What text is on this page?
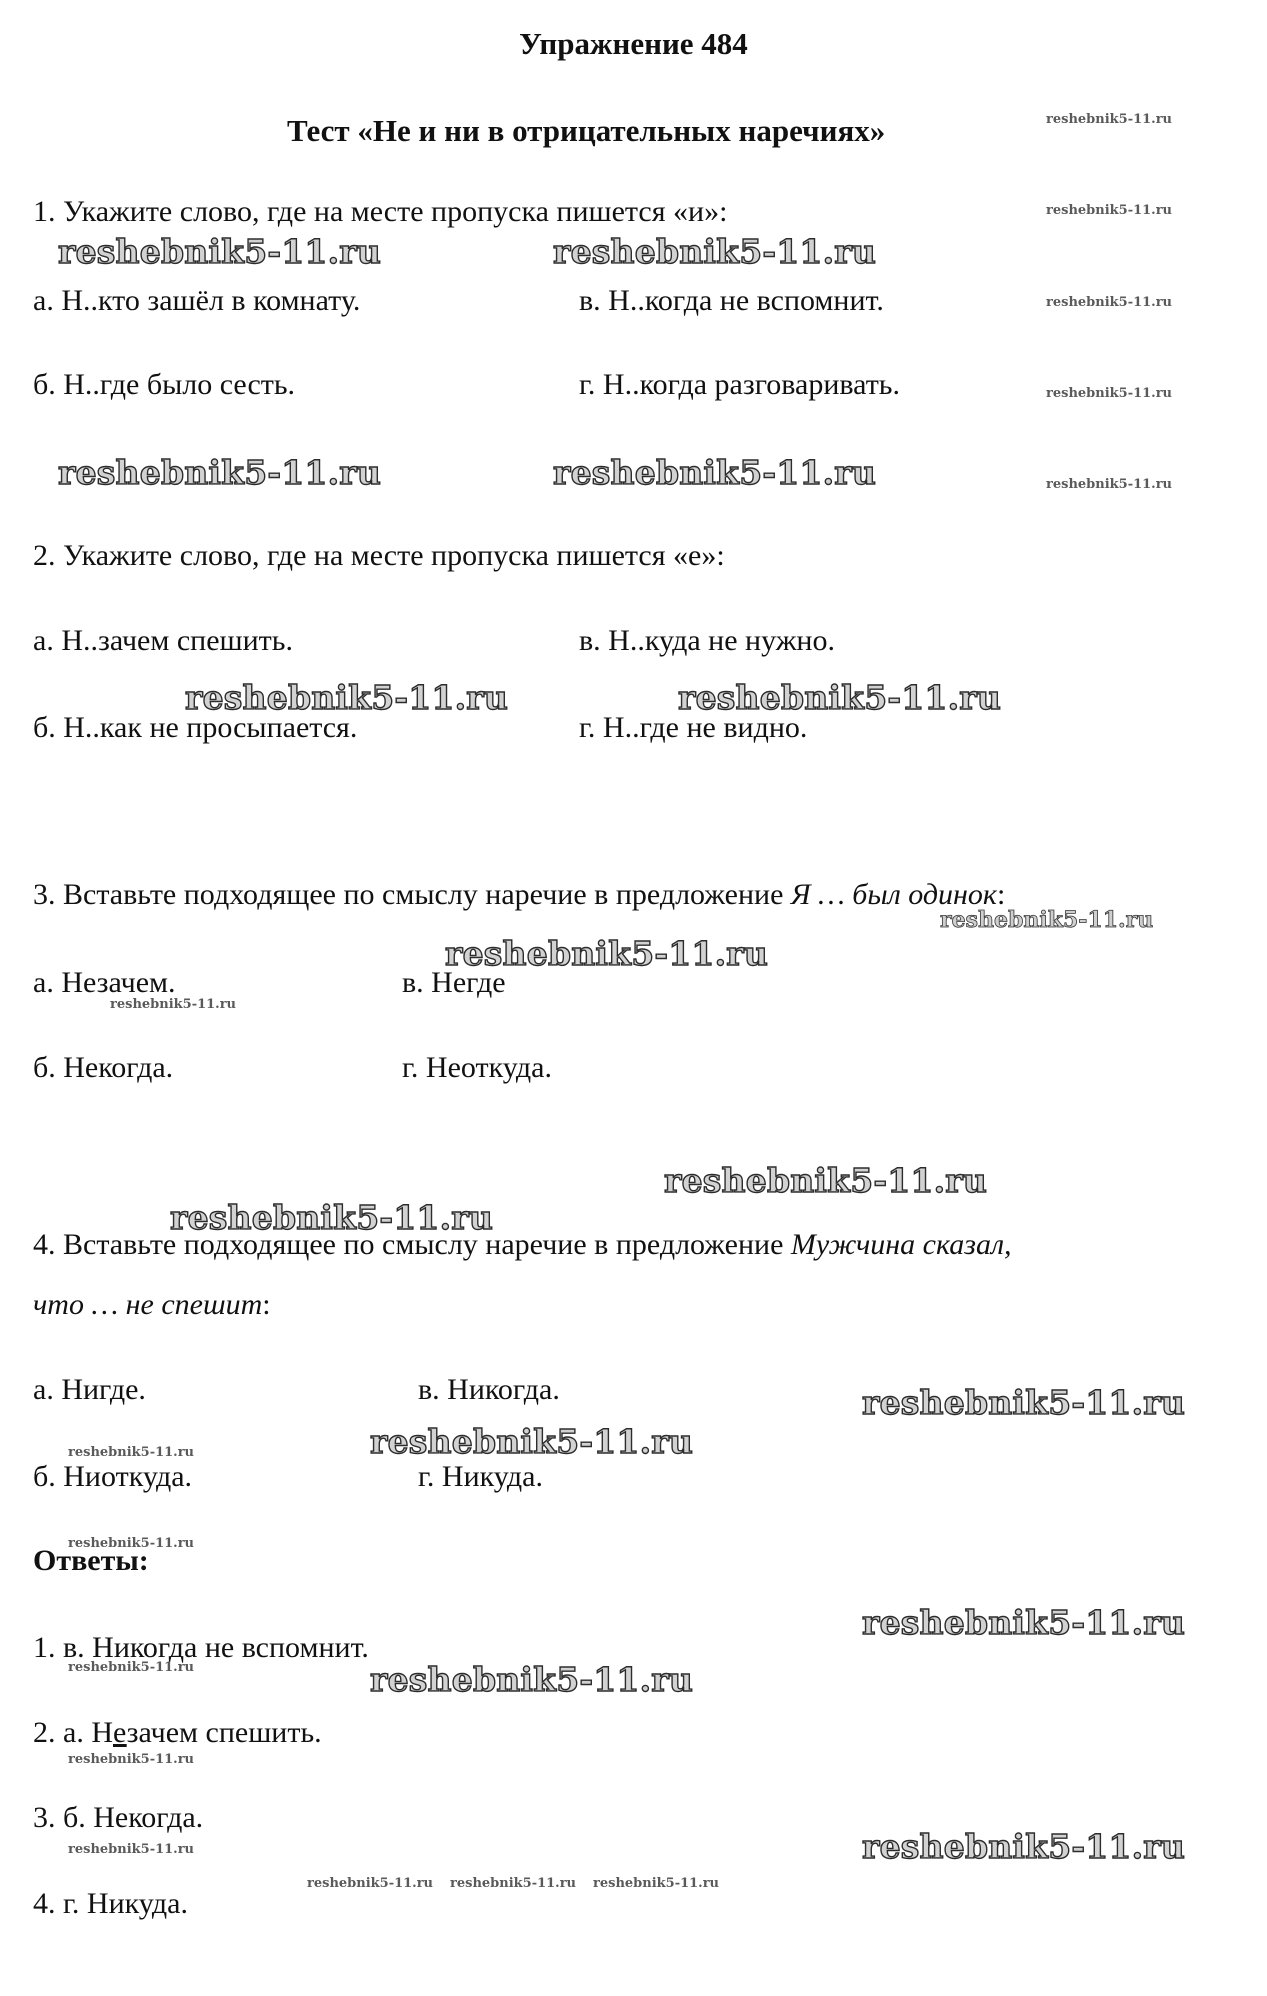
Упражнение 484
Тест «Не и ни в отрицательных наречиях»
1. Укажите слово, где на месте пропуска пишется «и»:
а. Н..кто зашёл в комнату.	в. Н..когда не вспомнит.
б. Н..где было сесть.	г. Н..когда разговаривать.
2. Укажите слово, где на месте пропуска пишется «е»:
а. Н..зачем спешить.	в. Н..куда не нужно.
б. Н..как не просыпается.	г. Н..где не видно.
3. Вставьте подходящее по смыслу наречие в предложение Я … был одинок:
а. Незачем.	в. Негде
б. Некогда.	г. Неоткуда.
4. Вставьте подходящее по смыслу наречие в предложение Мужчина сказал,
что … не спешит:
а. Нигде.	в. Никогда.
б. Ниоткуда.	г. Никуда.
Ответы:
1. в. Никогда не вспомнит.
2. а. Незачем спешить.
3. б. Некогда.
4. г. Никуда.
reshebnik5-11.ru	reshebnik5-11.ru
reshebnik5-11.ru	reshebnik5-11.ru
reshebnik5-11.ru	reshebnik5-11.ru
reshebnik5-11.ru
reshebnik5-11.ru
reshebnik5-11.ru
reshebnik5-11.ru
reshebnik5-11.ru
reshebnik5-11.ru
reshebnik5-11.ru
reshebnik5-11.ru
reshebnik5-11.ru
reshebnik5-11.ru
reshebnik5-11.ru
reshebnik5-11.ru
reshebnik5-11.ru
reshebnik5-11.ru
reshebnik5-11.ru
reshebnik5-11.ru
reshebnik5-11.ru
reshebnik5-11.ru
reshebnik5-11.ru
reshebnik5-11.ru
reshebnik5-11.ru reshebnik5-11.ru reshebnik5-11.ru
